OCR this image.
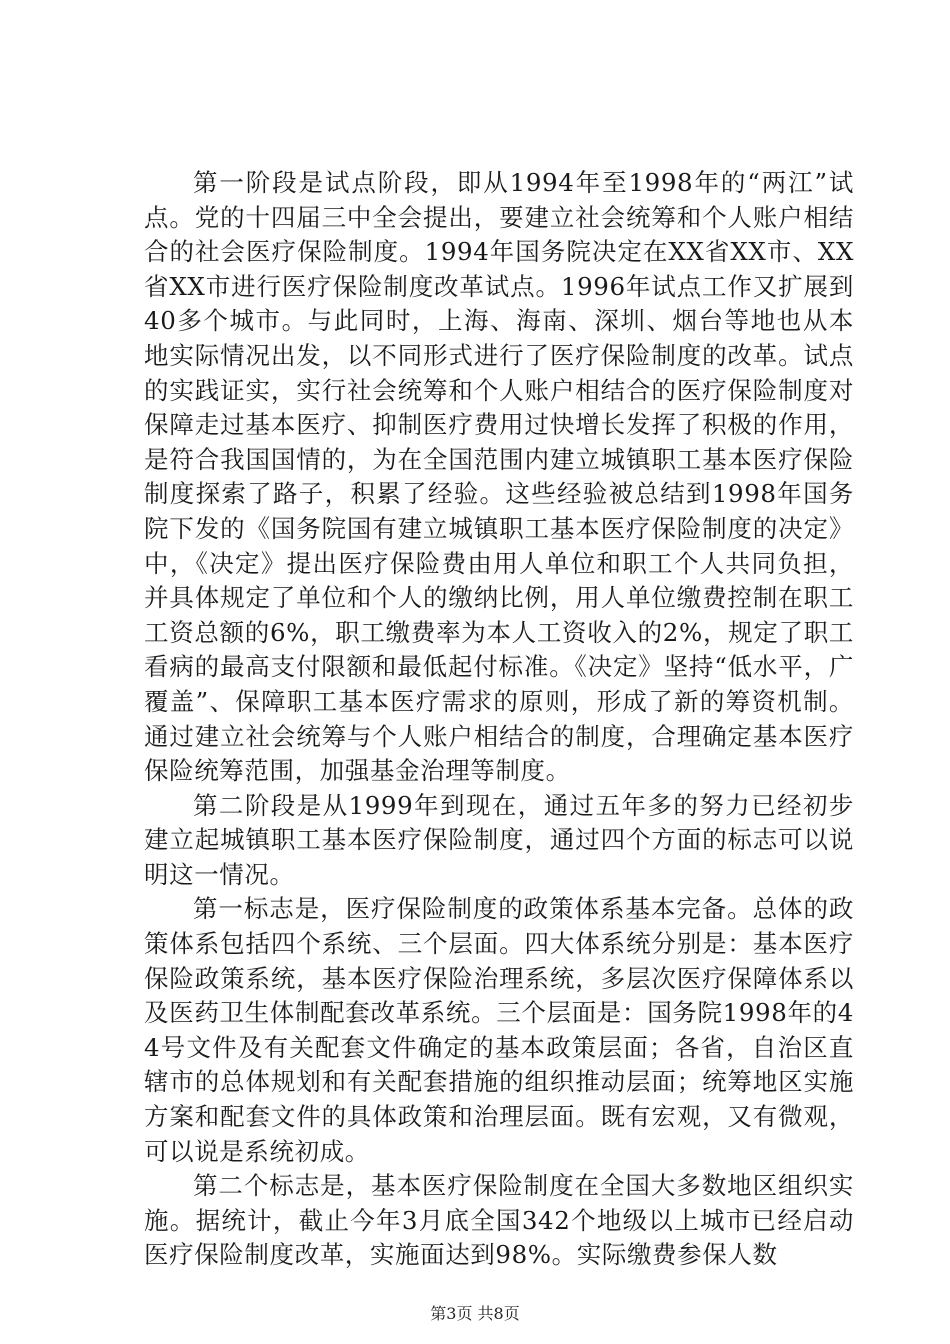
第一阶段是试点阶段，即从1994年至1998年的“两江”试点。党的十四届三中全会提出，要建立社会统筹和个人账户相结合的社会医疗保险制度。1994年国务院决定在XX省XX市、XX省XX市进行医疗保险制度改革试点。1996年试点工作又扩展到40多个城市。与此同时，上海、海南、深圳、烟台等地也从本地实际情况出发，以不同形式进行了医疗保险制度的改革。试点的实践证实，实行社会统筹和个人账户相结合的医疗保险制度对保障走过基本医疗、抑制医疗费用过快增长发挥了积极的作用，是符合我国国情的，为在全国范围内建立城镇职工基本医疗保险制度探索了路子，积累了经验。这些经验被总结到1998年国务院下发的《国务院国有建立城镇职工基本医疗保险制度的决定》中，《决定》提出医疗保险费由用人单位和职工个人共同负担，并具体规定了单位和个人的缴纳比例，用人单位缴费控制在职工工资总额的6%，职工缴费率为本人工资收入的2%，规定了职工看病的最高支付限额和最低起付标准。《决定》坚持“低水平，广覆盖”、保障职工基本医疗需求的原则，形成了新的筹资机制。通过建立社会统筹与个人账户相结合的制度，合理确定基本医疗保险统筹范围，加强基金治理等制度。

第二阶段是从1999年到现在，通过五年多的努力已经初步建立起城镇职工基本医疗保险制度，通过四个方面的标志可以说明这一情况。

第一标志是，医疗保险制度的政策体系基本完备。总体的政策体系包括四个系统、三个层面。四大体系统分别是：基本医疗保险政策系统，基本医疗保险治理系统，多层次医疗保障体系以及医药卫生体制配套改革系统。三个层面是：国务院1998年的44号文件及有关配套文件确定的基本政策层面；各省，自治区直辖市的总体规划和有关配套措施的组织推动层面；统筹地区实施方案和配套文件的具体政策和治理层面。既有宏观，又有微观，可以说是系统初成。

第二个标志是，基本医疗保险制度在全国大多数地区组织实施。据统计，截止今年3月底全国342个地级以上城市已经启动医疗保险制度改革，实施面达到98%。实际缴费参保人数

第3页 共8页
